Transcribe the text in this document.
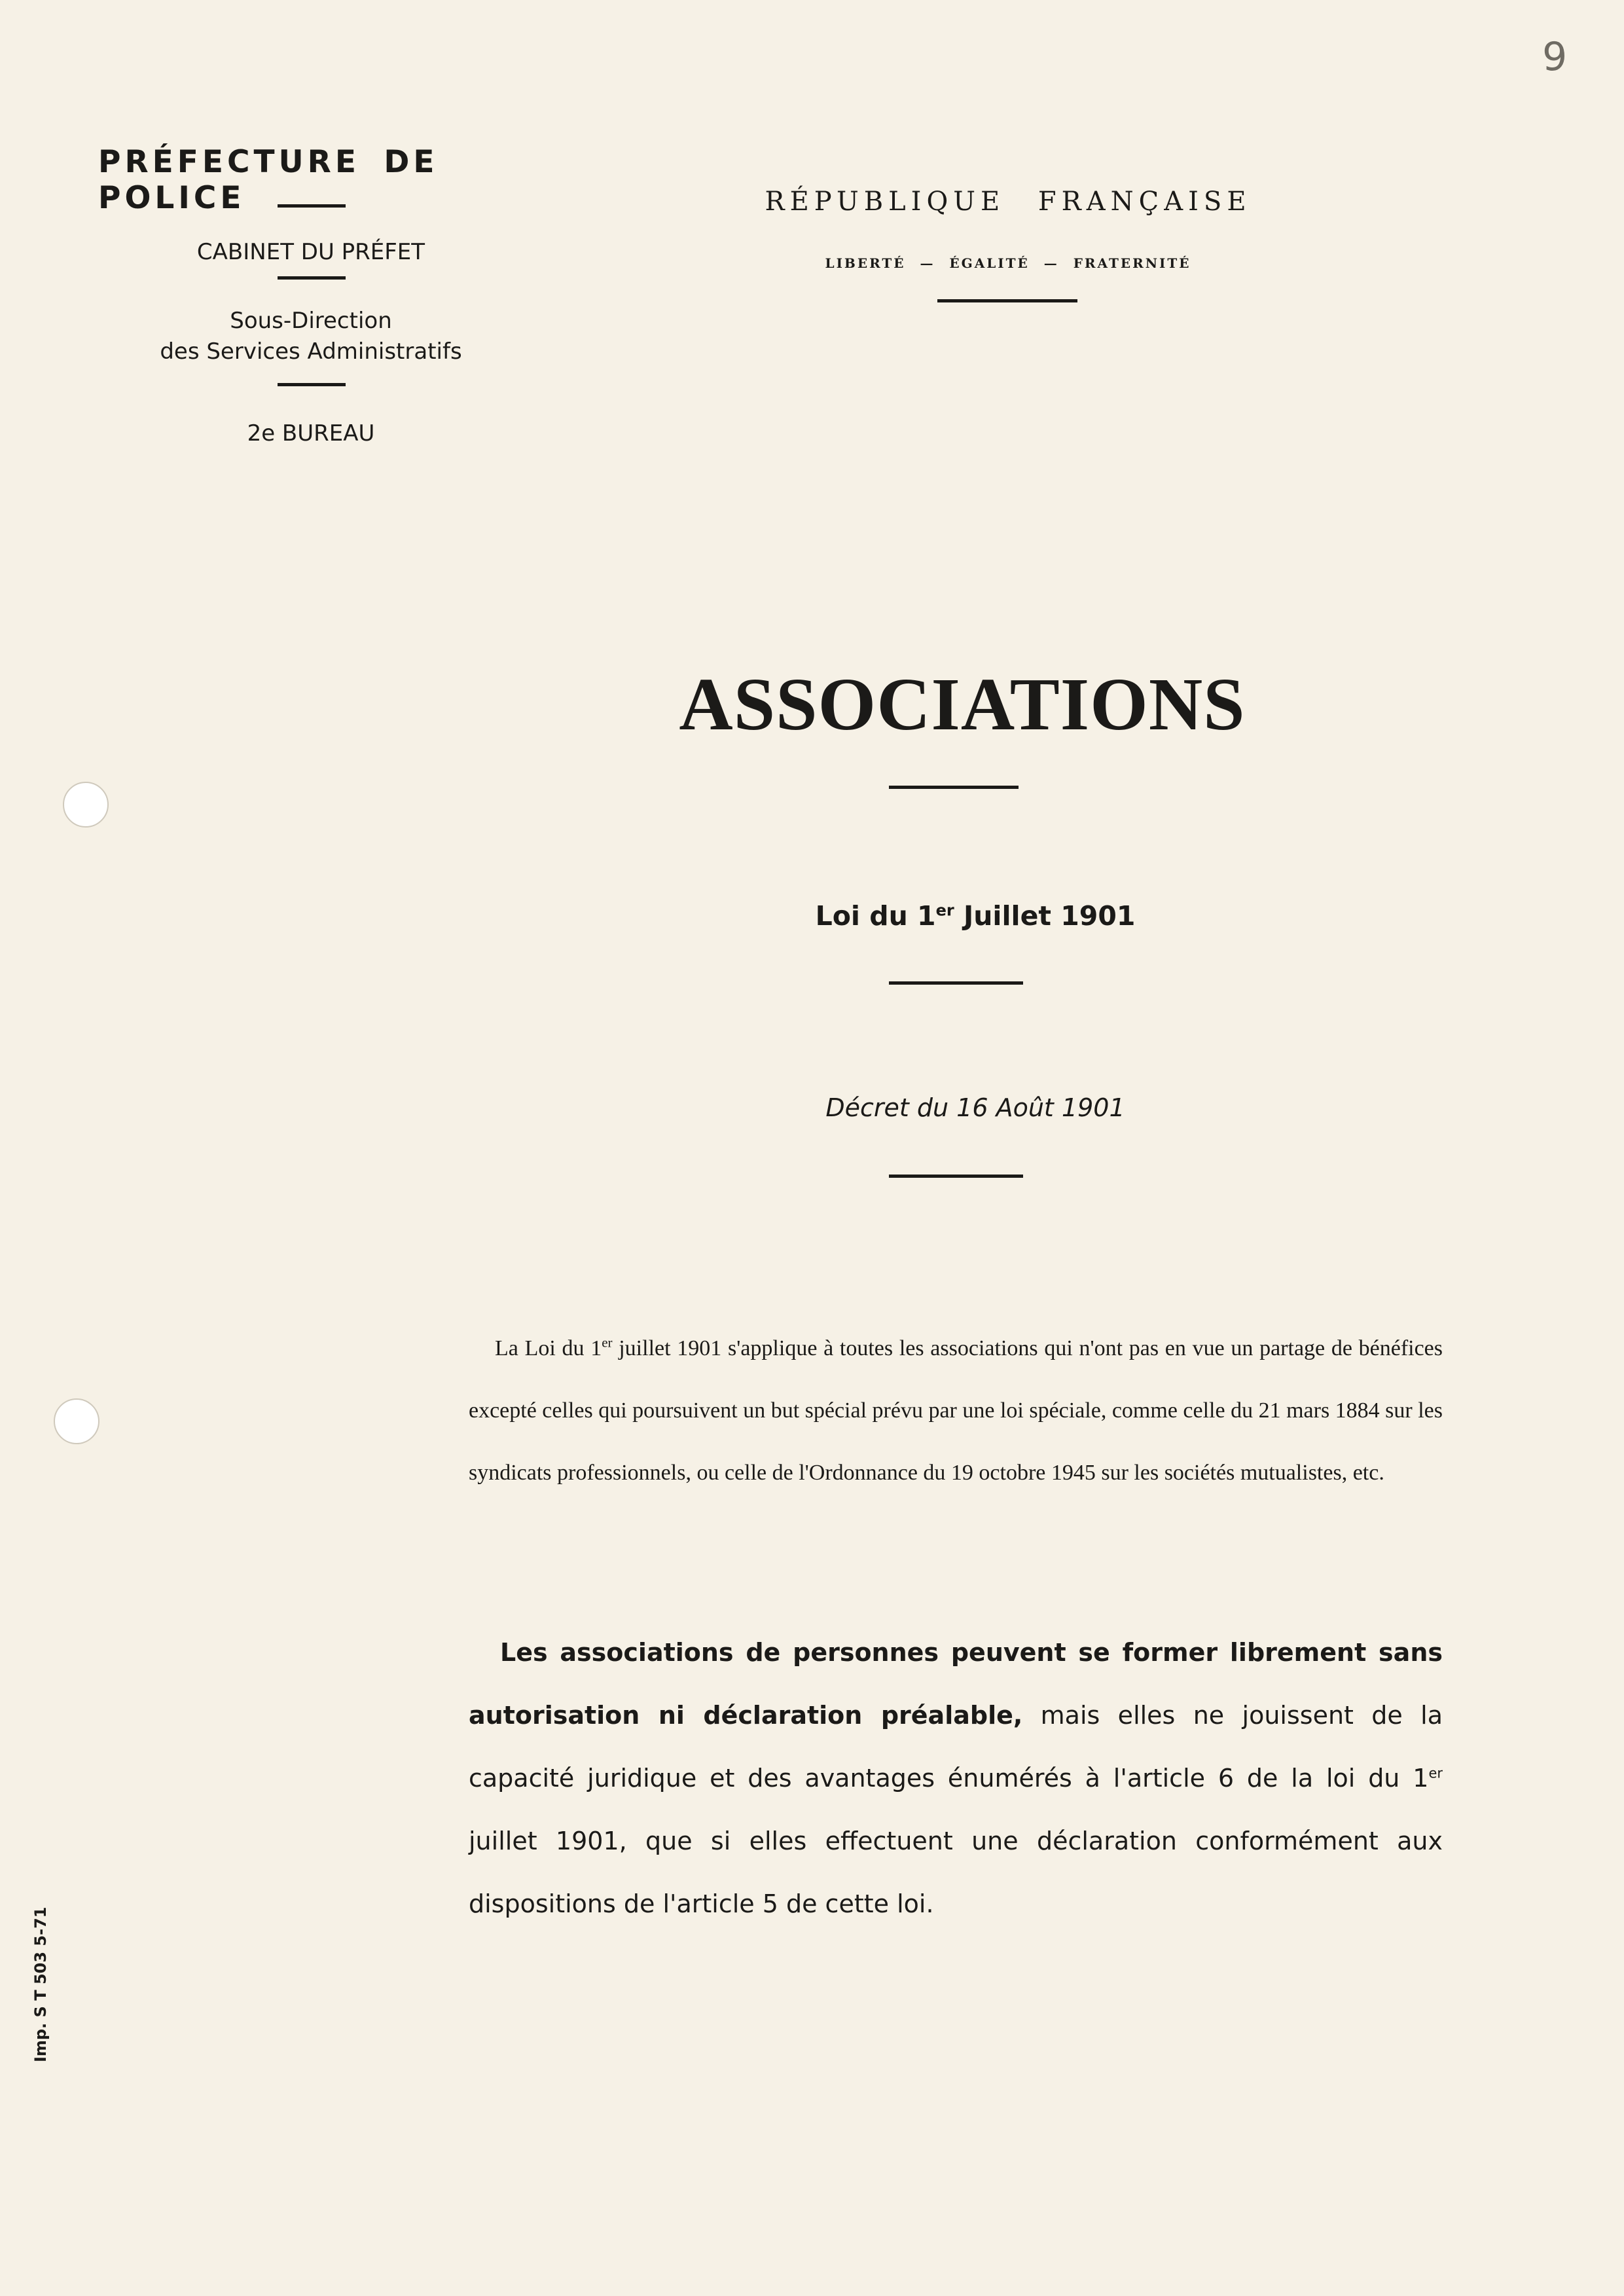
9
PRÉFECTURE DE POLICE
CABINET DU PRÉFET
Sous-Direction
des Services Administratifs
2e BUREAU
RÉPUBLIQUE FRANÇAISE
LIBERTÉ — ÉGALITÉ — FRATERNITÉ
ASSOCIATIONS
Loi du 1er Juillet 1901
Décret du 16 Août 1901
La Loi du 1er juillet 1901 s'applique à toutes les associations qui n'ont pas en vue un partage de bénéfices excepté celles qui poursuivent un but spécial prévu par une loi spéciale, comme celle du 21 mars 1884 sur les syndicats professionnels, ou celle de l'Ordonnance du 19 octobre 1945 sur les sociétés mutualistes, etc.
Les associations de personnes peuvent se former librement sans autorisation ni déclaration préalable, mais elles ne jouissent de la capacité juridique et des avantages énumérés à l'article 6 de la loi du 1er juillet 1901, que si elles effectuent une déclaration conformément aux dispositions de l'article 5 de cette loi.
Imp. S T 503 5-71
